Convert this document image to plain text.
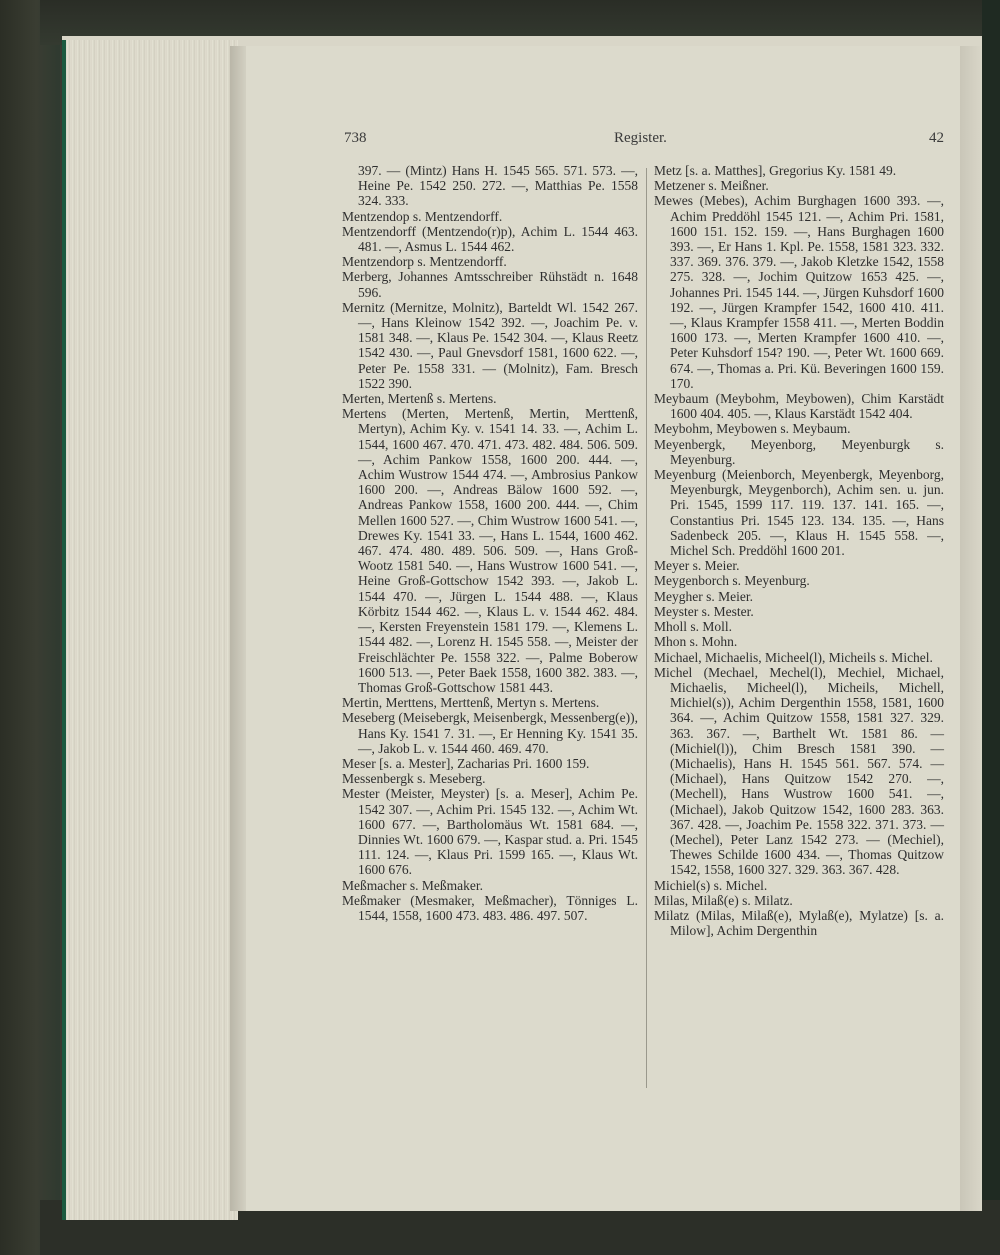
738	Register.	42

397. — (Mintz) Hans H. 1545 565. 571. 573. —, Heine Pe. 1542 250. 272. —, Matthias Pe. 1558 324. 333.

Mentzendop s. Mentzendorff.

Mentzendorff (Mentzendo(r)p), Achim L. 1544 463. 481. —, Asmus L. 1544 462.

Mentzendorp s. Mentzendorff.

Merberg, Johannes Amtsschreiber Rühstädt n. 1648 596.

Mernitz (Mernitze, Molnitz), Barteldt Wl. 1542 267. —, Hans Kleinow 1542 392. —, Joachim Pe. v. 1581 348. —, Klaus Pe. 1542 304. —, Klaus Reetz 1542 430. —, Paul Gnevsdorf 1581, 1600 622. —, Peter Pe. 1558 331. — (Molnitz), Fam. Bresch 1522 390.

Merten, Mertenß s. Mertens.

Mertens (Merten, Mertenß, Mertin, Merttenß, Mertyn), Achim Ky. v. 1541 14. 33. —, Achim L. 1544, 1600 467. 470. 471. 473. 482. 484. 506. 509. —, Achim Pankow 1558, 1600 200. 444. —, Achim Wustrow 1544 474. —, Ambrosius Pankow 1600 200. —, Andreas Bälow 1600 592. —, Andreas Pankow 1558, 1600 200. 444. —, Chim Mellen 1600 527. —, Chim Wustrow 1600 541. —, Drewes Ky. 1541 33. —, Hans L. 1544, 1600 462. 467. 474. 480. 489. 506. 509. —, Hans Groß-Wootz 1581 540. —, Hans Wustrow 1600 541. —, Heine Groß-Gottschow 1542 393. —, Jakob L. 1544 470. —, Jürgen L. 1544 488. —, Klaus Körbitz 1544 462. —, Klaus L. v. 1544 462. 484. —, Kersten Freyenstein 1581 179. —, Klemens L. 1544 482. —, Lorenz H. 1545 558. —, Meister der Freischlächter Pe. 1558 322. —, Palme Boberow 1600 513. —, Peter Baek 1558, 1600 382. 383. —, Thomas Groß-Gottschow 1581 443.

Mertin, Merttens, Merttenß, Mertyn s. Mertens.

Meseberg (Meisebergk, Meisenbergk, Messenberg(e)), Hans Ky. 1541 7. 31. —, Er Henning Ky. 1541 35. —, Jakob L. v. 1544 460. 469. 470.

Meser [s. a. Mester], Zacharias Pri. 1600 159.

Messenbergk s. Meseberg.

Mester (Meister, Meyster) [s. a. Meser], Achim Pe. 1542 307. —, Achim Pri. 1545 132. —, Achim Wt. 1600 677. —, Bartholomäus Wt. 1581 684. —, Dinnies Wt. 1600 679. —, Kaspar stud. a. Pri. 1545 111. 124. —, Klaus Pri. 1599 165. —, Klaus Wt. 1600 676.

Meßmacher s. Meßmaker.

Meßmaker (Mesmaker, Meßmacher), Tönniges L. 1544, 1558, 1600 473. 483. 486. 497. 507.

Metz [s. a. Matthes], Gregorius Ky. 1581 49.

Metzener s. Meißner.

Mewes (Mebes), Achim Burghagen 1600 393. —, Achim Preddöhl 1545 121. —, Achim Pri. 1581, 1600 151. 152. 159. —, Hans Burghagen 1600 393. —, Er Hans 1. Kpl. Pe. 1558, 1581 323. 332. 337. 369. 376. 379. —, Jakob Kletzke 1542, 1558 275. 328. —, Jochim Quitzow 1653 425. —, Johannes Pri. 1545 144. —, Jürgen Kuhsdorf 1600 192. —, Jürgen Krampfer 1542, 1600 410. 411. —, Klaus Krampfer 1558 411. —, Merten Boddin 1600 173. —, Merten Krampfer 1600 410. —, Peter Kuhsdorf 154? 190. —, Peter Wt. 1600 669. 674. —, Thomas a. Pri. Kü. Beveringen 1600 159. 170.

Meybaum (Meybohm, Meybowen), Chim Karstädt 1600 404. 405. —, Klaus Karstädt 1542 404.

Meybohm, Meybowen s. Meybaum.

Meyenbergk, Meyenborg, Meyenburgk s. Meyenburg.

Meyenburg (Meienborch, Meyenbergk, Meyenborg, Meyenburgk, Meygenborch), Achim sen. u. jun. Pri. 1545, 1599 117. 119. 137. 141. 165. —, Constantius Pri. 1545 123. 134. 135. —, Hans Sadenbeck 205. —, Klaus H. 1545 558. —, Michel Sch. Preddöhl 1600 201.

Meyer s. Meier.

Meygenborch s. Meyenburg.

Meygher s. Meier.

Meyster s. Mester.

Mholl s. Moll.

Mhon s. Mohn.

Michael, Michaelis, Micheel(l), Micheils s. Michel.

Michel (Mechael, Mechel(l), Mechiel, Michael, Michaelis, Micheel(l), Micheils, Michell, Michiel(s)), Achim Dergenthin 1558, 1581, 1600 364. —, Achim Quitzow 1558, 1581 327. 329. 363. 367. —, Barthelt Wt. 1581 86. — (Michiel(l)), Chim Bresch 1581 390. — (Michaelis), Hans H. 1545 561. 567. 574. — (Michael), Hans Quitzow 1542 270. —, (Mechell), Hans Wustrow 1600 541. —, (Michael), Jakob Quitzow 1542, 1600 283. 363. 367. 428. —, Joachim Pe. 1558 322. 371. 373. — (Mechel), Peter Lanz 1542 273. — (Mechiel), Thewes Schilde 1600 434. —, Thomas Quitzow 1542, 1558, 1600 327. 329. 363. 367. 428.

Michiel(s) s. Michel.

Milas, Milaß(e) s. Milatz.

Milatz (Milas, Milaß(e), Mylaß(e), Mylatze) [s. a. Milow], Achim Dergenthin
